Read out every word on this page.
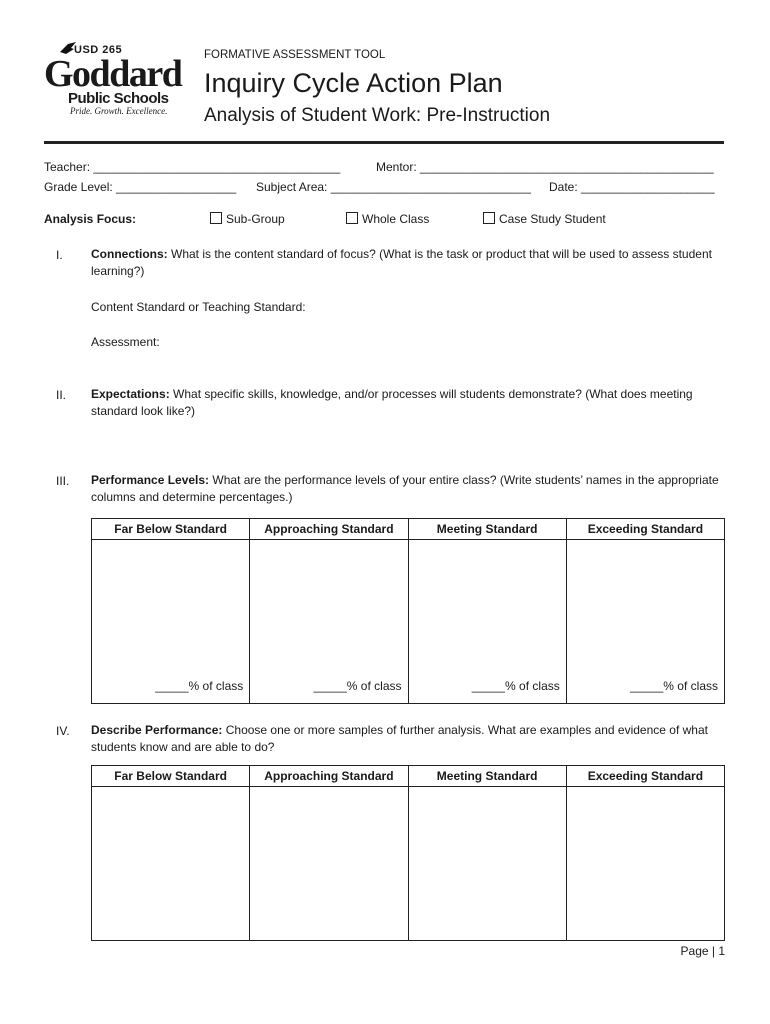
USD 265
Goddard
Public Schools
Pride. Growth. Excellence.
FORMATIVE ASSESSMENT TOOL
Inquiry Cycle Action Plan
Analysis of Student Work: Pre-Instruction
Teacher: _____________________________________	Mentor: ____________________________________________
Grade Level: __________________ Subject Area: ______________________________ Date: ____________________
Analysis Focus:	Sub-Group	Whole Class	Case Study Student
I. Connections: What is the content standard of focus? (What is the task or product that will be used to assess student learning?)
Content Standard or Teaching Standard:
Assessment:
II. Expectations: What specific skills, knowledge, and/or processes will students demonstrate? (What does meeting standard look like?)
III. Performance Levels: What are the performance levels of your entire class? (Write students’ names in the appropriate columns and determine percentages.)
Far Below Standard	Approaching Standard	Meeting Standard	Exceeding Standard
_____% of class	_____% of class	_____% of class	_____% of class
IV. Describe Performance: Choose one or more samples of further analysis. What are examples and evidence of what students know and are able to do?
Far Below Standard	Approaching Standard	Meeting Standard	Exceeding Standard

Page | 1
